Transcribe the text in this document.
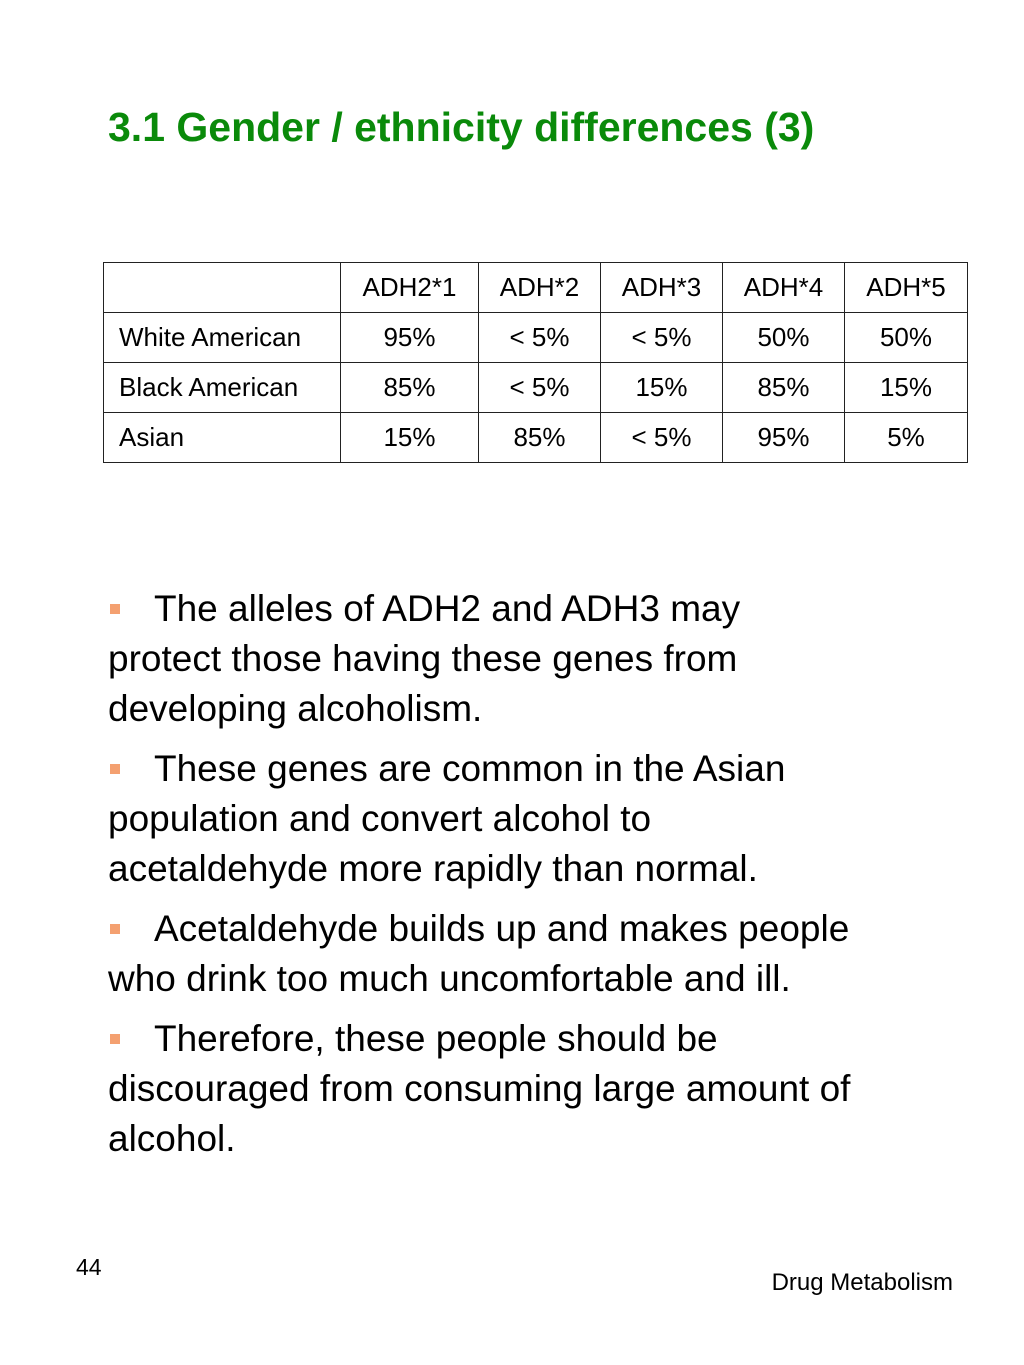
3.1 Gender / ethnicity differences (3)
	ADH2*1	ADH*2	ADH*3	ADH*4	ADH*5
White American	95%	< 5%	< 5%	50%	50%
Black American	85%	< 5%	15%	85%	15%
Asian	15%	85%	< 5%	95%	5%
The alleles of ADH2 and ADH3 may protect those having these genes from developing alcoholism.
These genes are common in the Asian population and convert alcohol to acetaldehyde more rapidly than normal.
Acetaldehyde builds up and makes people who drink too much uncomfortable and ill.
Therefore, these people should be discouraged from consuming large amount of alcohol.
44
Drug Metabolism
